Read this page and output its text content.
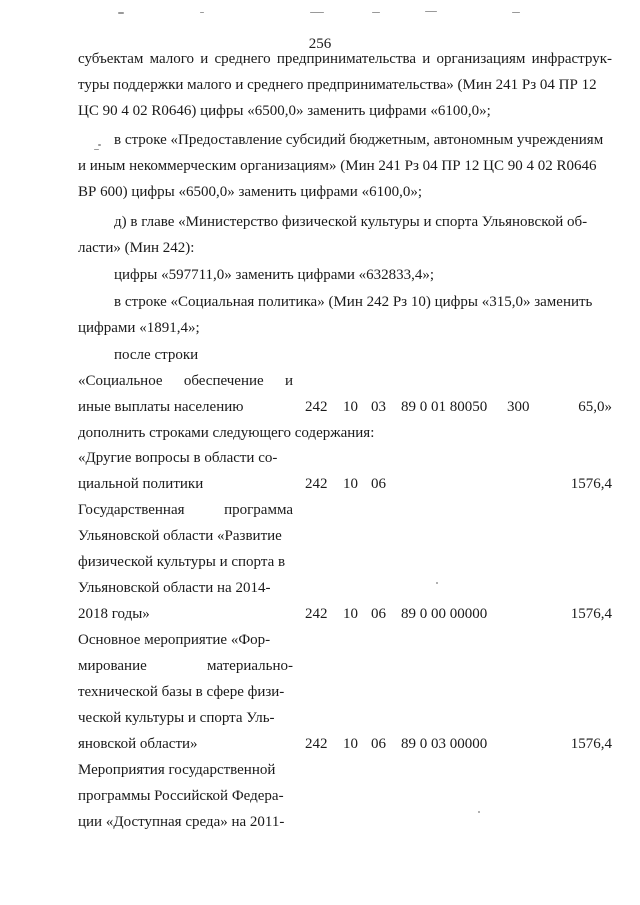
256
субъектам малого и среднего предпринимательства и организациям инфраструк-
туры поддержки малого и среднего предпринимательства» (Мин 241 Рз 04 ПР 12
ЦС 90 4 02 R0646) цифры «6500,0» заменить цифрами «6100,0»;
в строке «Предоставление субсидий бюджетным, автономным учреждениям
и иным некоммерческим организациям» (Мин 241 Рз 04 ПР 12 ЦС 90 4 02 R0646
ВР 600) цифры «6500,0» заменить цифрами «6100,0»;
д) в главе «Министерство физической культуры и спорта Ульяновской об-
ласти» (Мин 242):
цифры «597711,0» заменить цифрами «632833,4»;
в строке «Социальная политика» (Мин 242 Рз 10) цифры «315,0» заменить
цифрами «1891,4»;
после строки
«Социальное обеспечение и
иные выплаты населению	242 10 03 89 0 01 80050 300	65,0»
дополнить строками следующего содержания:
«Другие вопросы в области со-
циальной политики	242 10 06	1576,4
Государственная	программа
Ульяновской области «Развитие
физической культуры и спорта в
Ульяновской области на 2014-
2018 годы»	242 10 06 89 0 00 00000	1576,4
Основное мероприятие «Фор-
мирование	материально-
технической базы в сфере физи-
ческой культуры и спорта Уль-
яновской области»	242 10 06 89 0 03 00000	1576,4
Мероприятия государственной
программы Российской Федера-
ции «Доступная среда» на 2011-
